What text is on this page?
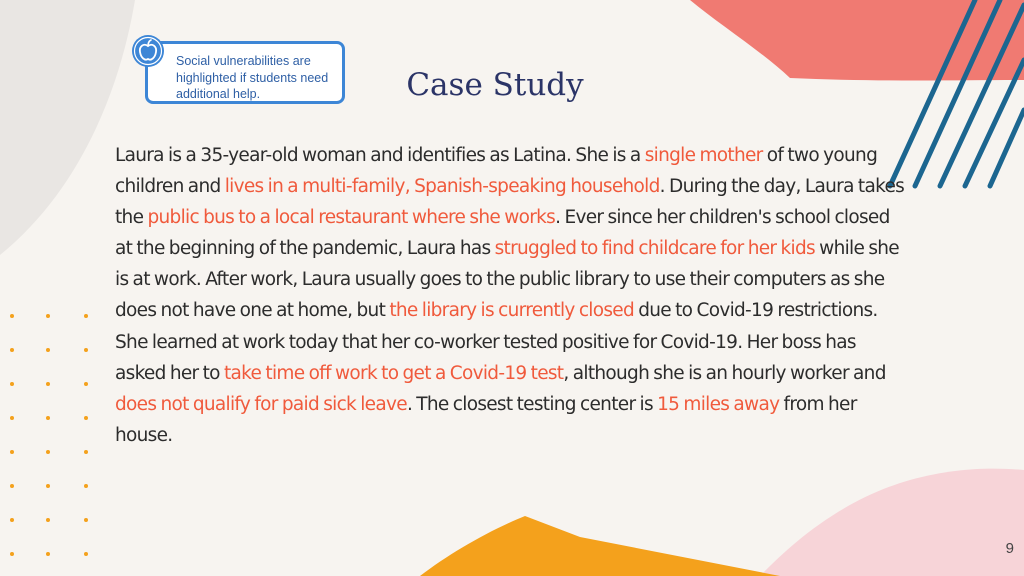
Social vulnerabilities are highlighted if students need additional help.	Case Study
Laura is a 35-year-old woman and identifies as Latina. She is a single mother of two young children and lives in a multi-family, Spanish-speaking household. During the day, Laura takes the public bus to a local restaurant where she works. Ever since her children's school closed at the beginning of the pandemic, Laura has struggled to find childcare for her kids while she is at work. After work, Laura usually goes to the public library to use their computers as she does not have one at home, but the library is currently closed due to Covid-19 restrictions. She learned at work today that her co-worker tested positive for Covid-19. Her boss has asked her to take time off work to get a Covid-19 test, although she is an hourly worker and does not qualify for paid sick leave. The closest testing center is 15 miles away from her house.
9
